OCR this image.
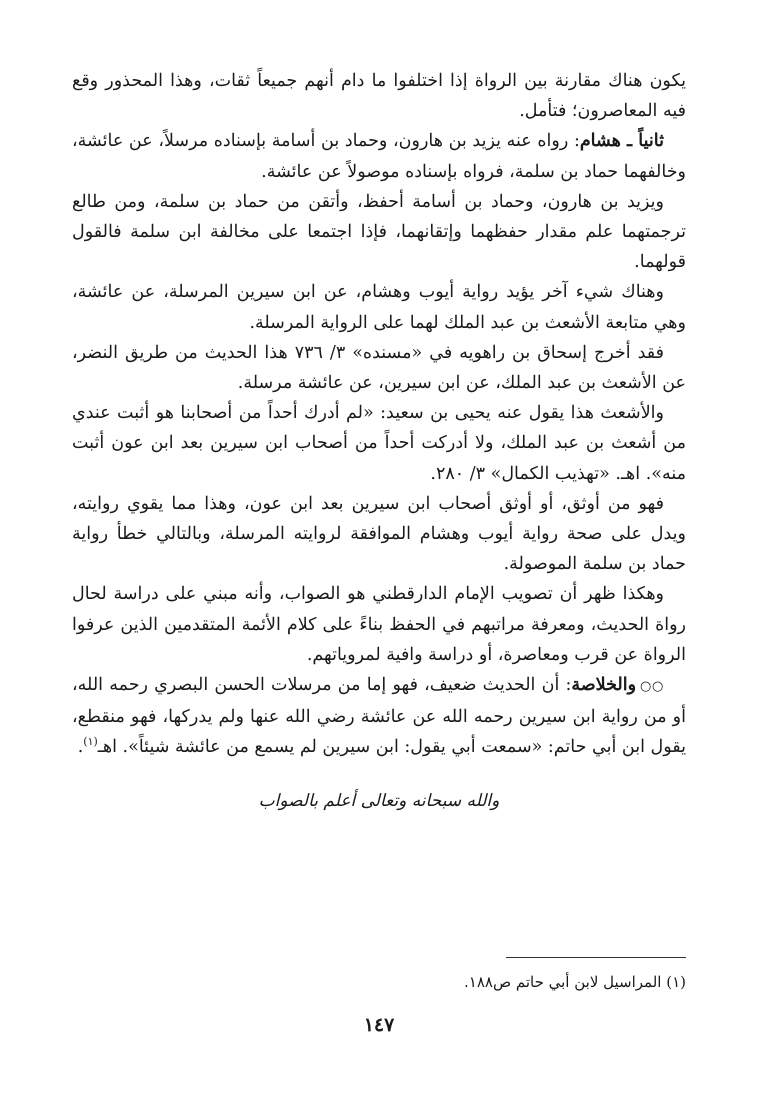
يكون هناك مقارنة بين الرواة إذا اختلفوا ما دام أنهم جميعاً ثقات، وهذا المحذور وقع فيه المعاصرون؛ فتأمل.

ثانياً ـ هشام: رواه عنه يزيد بن هارون، وحماد بن أسامة بإسناده مرسلاً، عن عائشة، وخالفهما حماد بن سلمة، فرواه بإسناده موصولاً عن عائشة.

ويزيد بن هارون، وحماد بن أسامة أحفظ، وأتقن من حماد بن سلمة، ومن طالع ترجمتهما علم مقدار حفظهما وإتقانهما، فإذا اجتمعا على مخالفة ابن سلمة فالقول قولهما.

وهناك شيء آخر يؤيد رواية أيوب وهشام، عن ابن سيرين المرسلة، عن عائشة، وهي متابعة الأشعث بن عبد الملك لهما على الرواية المرسلة.

فقد أخرج إسحاق بن راهويه في «مسنده» ٣/ ٧٣٦ هذا الحديث من طريق النضر، عن الأشعث بن عبد الملك، عن ابن سيرين، عن عائشة مرسلة.

والأشعث هذا يقول عنه يحيى بن سعيد: «لم أدرك أحداً من أصحابنا هو أثبت عندي من أشعث بن عبد الملك، ولا أدركت أحداً من أصحاب ابن سيرين بعد ابن عون أثبت منه». اهـ. «تهذيب الكمال» ٣/ ٢٨٠.

فهو من أوثق، أو أوثق أصحاب ابن سيرين بعد ابن عون، وهذا مما يقوي روايته، ويدل على صحة رواية أيوب وهشام الموافقة لروايته المرسلة، وبالتالي خطأ رواية حماد بن سلمة الموصولة.

وهكذا ظهر أن تصويب الإمام الدارقطني هو الصواب، وأنه مبني على دراسة لحال رواة الحديث، ومعرفة مراتبهم في الحفظ بناءً على كلام الأئمة المتقدمين الذين عرفوا الرواة عن قرب ومعاصرة، أو دراسة وافية لمروياتهم.

○○والخلاصة: أن الحديث ضعيف، فهو إما من مرسلات الحسن البصري رحمه الله، أو من رواية ابن سيرين رحمه الله عن عائشة رضي الله عنها ولم يدركها، فهو منقطع، يقول ابن أبي حاتم: «سمعت أبي يقول: ابن سيرين لم يسمع من عائشة شيئاً». اهـ$^{(١)}$.

والله سبحانه وتعالى أعلم بالصواب
(١) المراسيل لابن أبي حاتم ص١٨٨.
١٤٧
